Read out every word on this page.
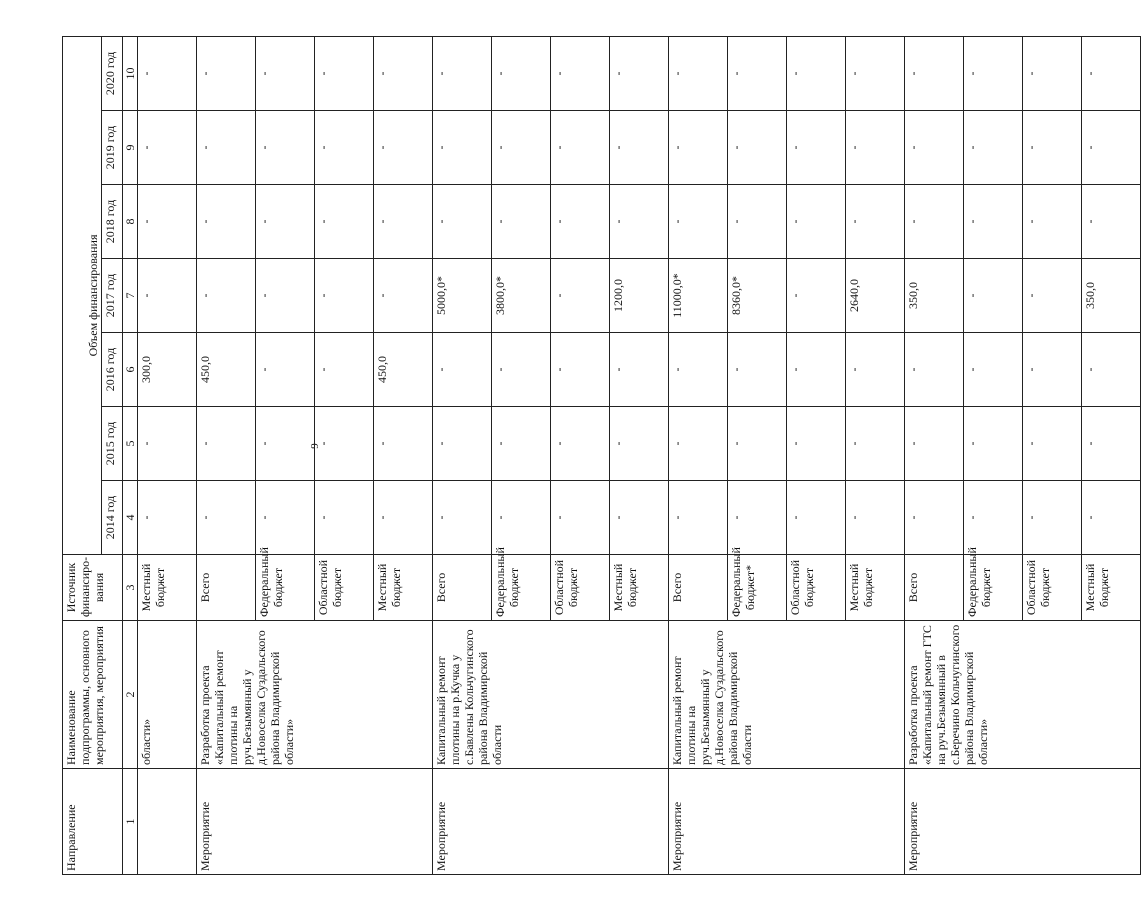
9
Направление	Наименование подпрограммы, основного мероприятия, мероприятия	Источник финансиро-вания	Объем финансирования						
			2014 год	2015 год	2016 год	2017 год	2018 год	2019 год	2020 год
1	2	3	4	5	6	7	8	9	10
	области»	Местный бюджет	-	-	300,0	-	-	-	-
Мероприятие	Разработка проекта «Капитальный ремонт плотины на руч.Безымянный у д.Новоселка Суздальского района Владимирской области»	Всего	-	-	450,0	-	-	-	-
		Федеральный бюджет	-	-	-	-	-	-	-
		Областной бюджет	-	-	-	-	-	-	-
		Местный бюджет	-	-	450,0	-	-	-	-
Мероприятие	Капитальный ремонт плотины на р.Кучка у с.Бавлены Кольчугинского района Владимирской области	Всего	-	-	-	5000,0*	-	-	-
		Федеральный бюджет	-	-	-	3800,0*	-	-	-
		Областной бюджет	-	-	-	-	-	-	-
		Местный бюджет	-	-	-	1200,0	-	-	-
Мероприятие	Капитальный ремонт плотины на руч.Безымянный у д.Новоселка Суздальского района Владимирской области	Всего	-	-	-	11000,0*	-	-	-
		Федеральный бюджет*	-	-	-	8360,0*	-	-	-
		Областной бюджет	-	-	-	-	-	-	-
		Местный бюджет	-	-	-	2640,0	-	-	-
Мероприятие	Разработка проекта «Капитальный ремонт ГТС на руч.Безымянный в с.Беречино Кольчугинского района Владимирской области»	Всего	-	-	-	350,0	-	-	-
		Федеральный бюджет	-	-	-	-	-	-	-
		Областной бюджет	-	-	-	-	-	-	-
		Местный бюджет	-	-	-	350,0	-	-	-
